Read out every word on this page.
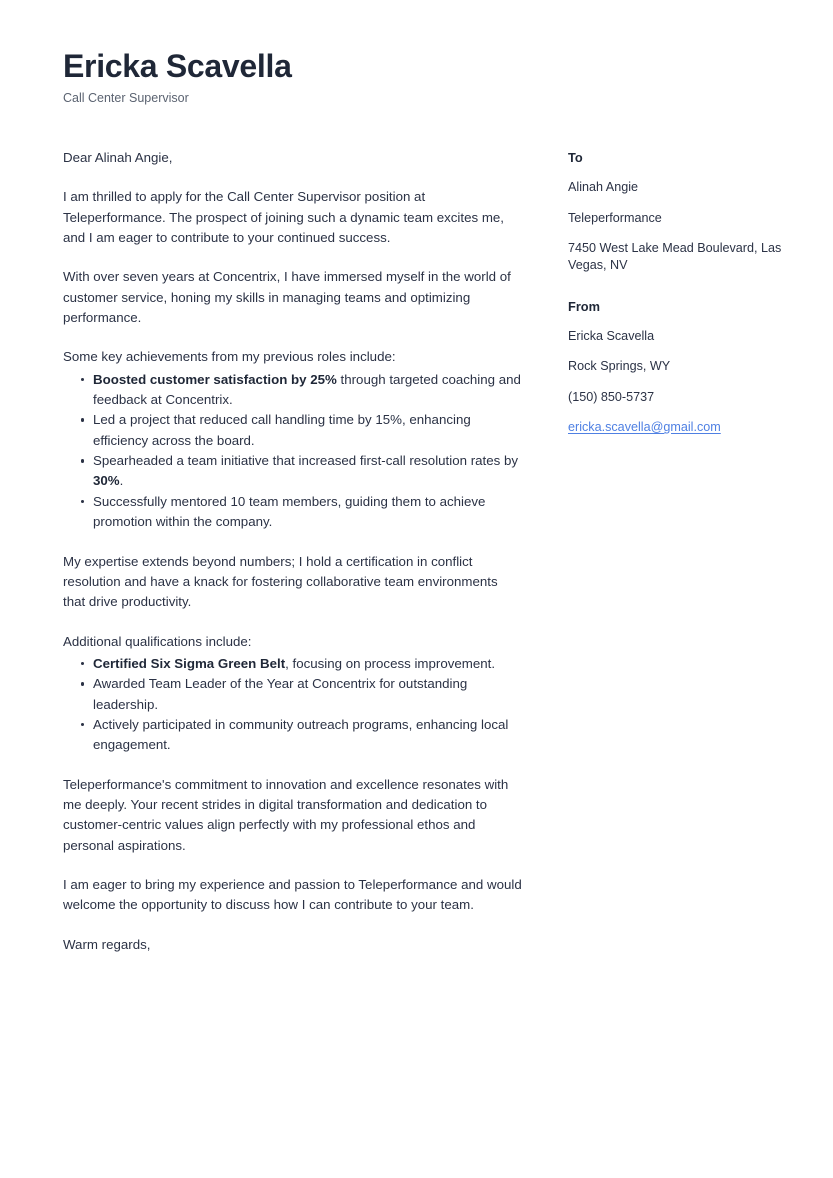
Ericka Scavella
Call Center Supervisor

Dear Alinah Angie,

I am thrilled to apply for the Call Center Supervisor position at Teleperformance. The prospect of joining such a dynamic team excites me, and I am eager to contribute to your continued success.

With over seven years at Concentrix, I have immersed myself in the world of customer service, honing my skills in managing teams and optimizing performance.

Some key achievements from my previous roles include:

Boosted customer satisfaction by 25% through targeted coaching and feedback at Concentrix.
Led a project that reduced call handling time by 15%, enhancing efficiency across the board.
Spearheaded a team initiative that increased first-call resolution rates by 30%.
Successfully mentored 10 team members, guiding them to achieve promotion within the company.

My expertise extends beyond numbers; I hold a certification in conflict resolution and have a knack for fostering collaborative team environments that drive productivity.

Additional qualifications include:

Certified Six Sigma Green Belt, focusing on process improvement.
Awarded Team Leader of the Year at Concentrix for outstanding leadership.
Actively participated in community outreach programs, enhancing local engagement.

Teleperformance's commitment to innovation and excellence resonates with me deeply. Your recent strides in digital transformation and dedication to customer-centric values align perfectly with my professional ethos and personal aspirations.

I am eager to bring my experience and passion to Teleperformance and would welcome the opportunity to discuss how I can contribute to your team.

Warm regards,

To
Alinah Angie
Teleperformance
7450 West Lake Mead Boulevard, Las Vegas, NV
From
Ericka Scavella
Rock Springs, WY
(150) 850-5737
ericka.scavella@gmail.com
